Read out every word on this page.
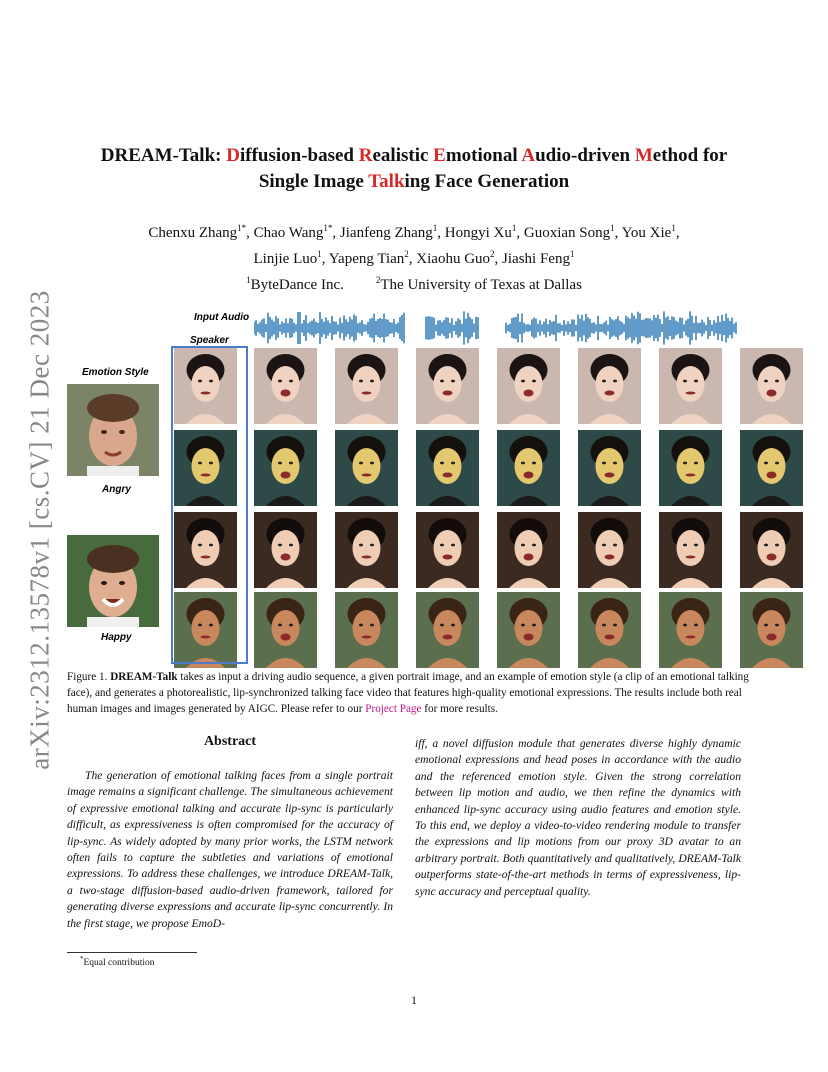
arXiv:2312.13578v1 [cs.CV] 21 Dec 2023
DREAM-Talk: Diffusion-based Realistic Emotional Audio-driven Method for
Single Image Talking Face Generation
Chenxu Zhang$^{1*}$, Chao Wang$^{1*}$, Jianfeng Zhang$^1$, Hongyi Xu$^1$, Guoxian Song$^1$, You Xie$^1$,
Linjie Luo$^1$, Yapeng Tian$^2$, Xiaohu Guo$^2$, Jiashi Feng$^1$
$^1$ByteDance Inc.	$^2$The University of Texas at Dallas
Input Audio
Speaker
Emotion Style
Angry
Happy
Figure 1. DREAM-Talk takes as input a driving audio sequence, a given portrait image, and an example of emotion style (a clip of an emotional talking face), and generates a photorealistic, lip-synchronized talking face video that features high-quality emotional expressions. The results include both real human images and images generated by AIGC. Please refer to our Project Page for more results.
Abstract
The generation of emotional talking faces from a single portrait image remains a significant challenge. The simultaneous achievement of expressive emotional talking and accurate lip-sync is particularly difficult, as expressiveness is often compromised for the accuracy of lip-sync. As widely adopted by many prior works, the LSTM network often fails to capture the subtleties and variations of emotional expressions. To address these challenges, we introduce DREAM-Talk, a two-stage diffusion-based audio-driven framework, tailored for generating diverse expressions and accurate lip-sync concurrently. In the first stage, we propose EmoD-
iff, a novel diffusion module that generates diverse highly dynamic emotional expressions and head poses in accordance with the audio and the referenced emotion style. Given the strong correlation between lip motion and audio, we then refine the dynamics with enhanced lip-sync accuracy using audio features and emotion style. To this end, we deploy a video-to-video rendering module to transfer the expressions and lip motions from our proxy 3D avatar to an arbitrary portrait. Both quantitatively and qualitatively, DREAM-Talk outperforms state-of-the-art methods in terms of expressiveness, lip-sync accuracy and perceptual quality.
*Equal contribution
1
